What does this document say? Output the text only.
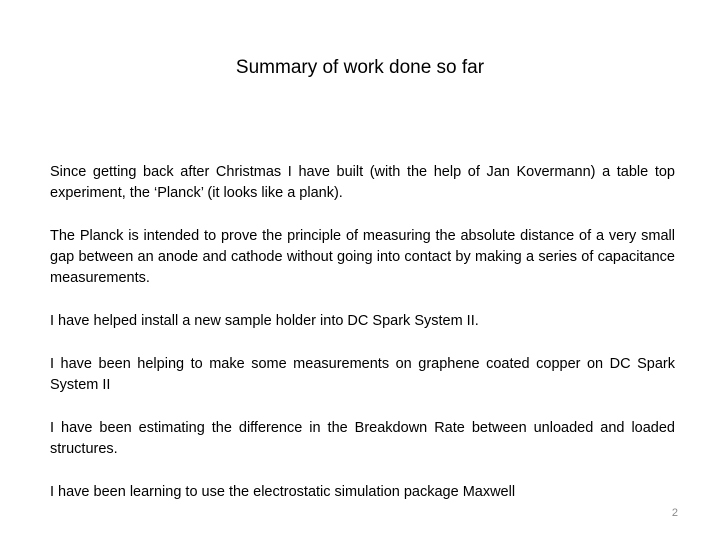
Summary of work done so far

Since getting back after Christmas I have built (with the help of Jan Kovermann) a table top experiment, the ‘Planck’ (it looks like a plank).

The Planck is intended to prove the principle of measuring the absolute distance of a very small gap between an anode and cathode without going into contact by making a series of capacitance measurements.

I have helped install a new sample holder into DC Spark System II.

I have been helping to make some measurements on graphene coated copper on DC Spark System II

I have been estimating the difference in the Breakdown Rate between unloaded and loaded structures.

I have been learning to use the electrostatic simulation package Maxwell

2
